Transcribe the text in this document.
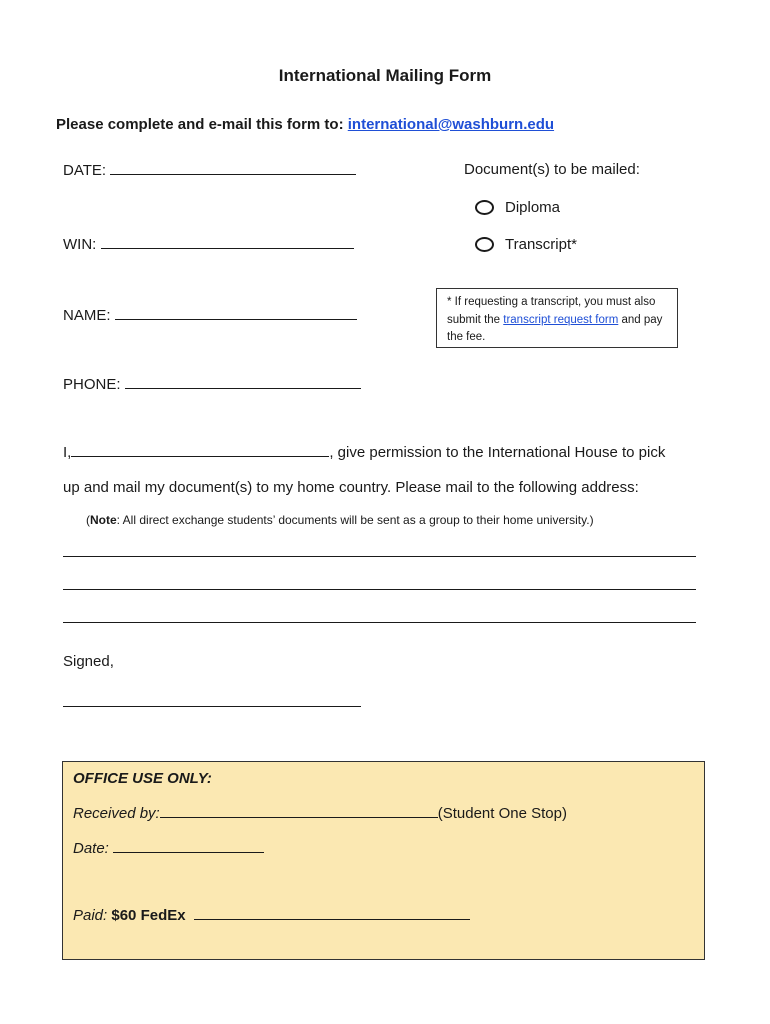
International Mailing Form
Please complete and e-mail this form to: international@washburn.edu
DATE:
WIN:
NAME:
PHONE:
Document(s) to be mailed:
Diploma
Transcript*
* If requesting a transcript, you must also submit the transcript request form and pay the fee.
I,	, give permission to the International House to pick
up and mail my document(s) to my home country. Please mail to the following address:
(Note: All direct exchange students’ documents will be sent as a group to their home university.)
Signed,
OFFICE USE ONLY:
Received by:	(Student One Stop)
Date:
Paid: $60 FedEx
